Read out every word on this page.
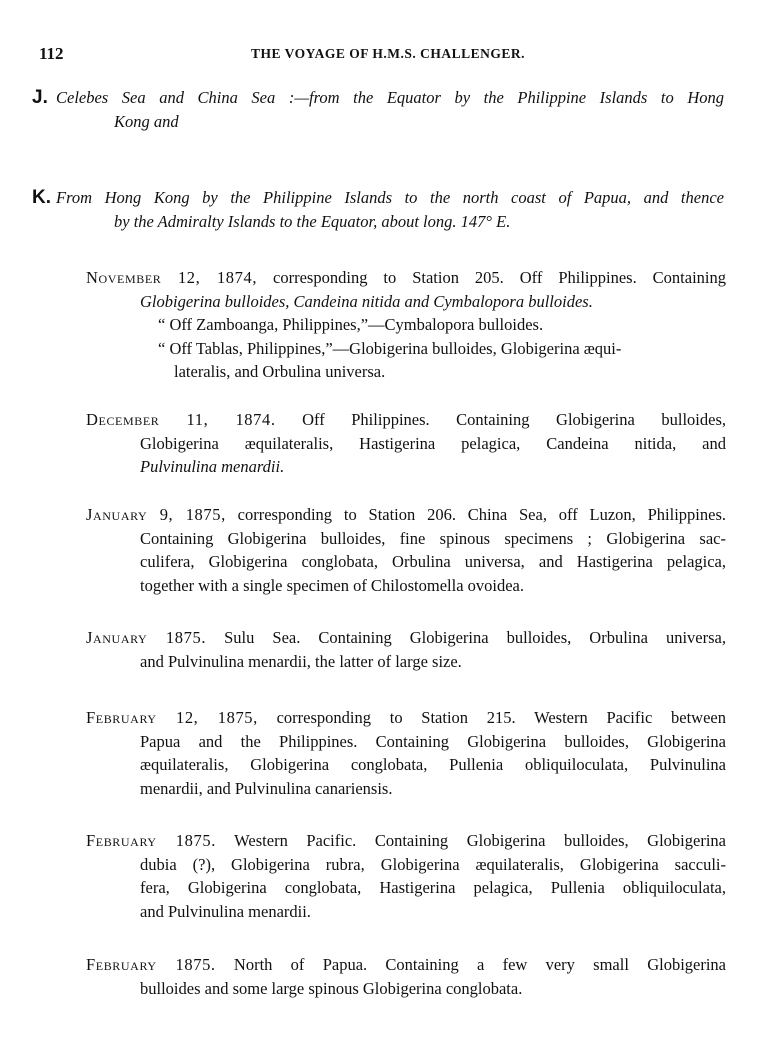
112	THE VOYAGE OF H.M.S. CHALLENGER.
J. Celebes Sea and China Sea :—from the Equator by the Philippine Islands to Hong
Kong and
K. From Hong Kong by the Philippine Islands to the north coast of Papua, and thence
by the Admiralty Islands to the Equator, about long. 147° E.
November 12, 1874, corresponding to Station 205. Off Philippines. Containing
Globigerina bulloides, Candeina nitida and Cymbalopora bulloides.
“ Off Zamboanga, Philippines,”—Cymbalopora bulloides.
“ Off Tablas, Philippines,”—Globigerina bulloides, Globigerina æqui-
lateralis, and Orbulina universa.
December 11, 1874. Off Philippines. Containing Globigerina bulloides,
Globigerina æquilateralis, Hastigerina pelagica, Candeina nitida, and
Pulvinulina menardii.
January 9, 1875, corresponding to Station 206. China Sea, off Luzon, Philippines.
Containing Globigerina bulloides, fine spinous specimens ; Globigerina sac-
culifera, Globigerina conglobata, Orbulina universa, and Hastigerina pelagica,
together with a single specimen of Chilostomella ovoidea.
January 1875. Sulu Sea. Containing Globigerina bulloides, Orbulina universa,
and Pulvinulina menardii, the latter of large size.
February 12, 1875, corresponding to Station 215. Western Pacific between
Papua and the Philippines. Containing Globigerina bulloides, Globigerina
æquilateralis, Globigerina conglobata, Pullenia obliquiloculata, Pulvinulina
menardii, and Pulvinulina canariensis.
February 1875. Western Pacific. Containing Globigerina bulloides, Globigerina
dubia (?), Globigerina rubra, Globigerina æquilateralis, Globigerina sacculi-
fera, Globigerina conglobata, Hastigerina pelagica, Pullenia obliquiloculata,
and Pulvinulina menardii.
February 1875. North of Papua. Containing a few very small Globigerina
bulloides and some large spinous Globigerina conglobata.
